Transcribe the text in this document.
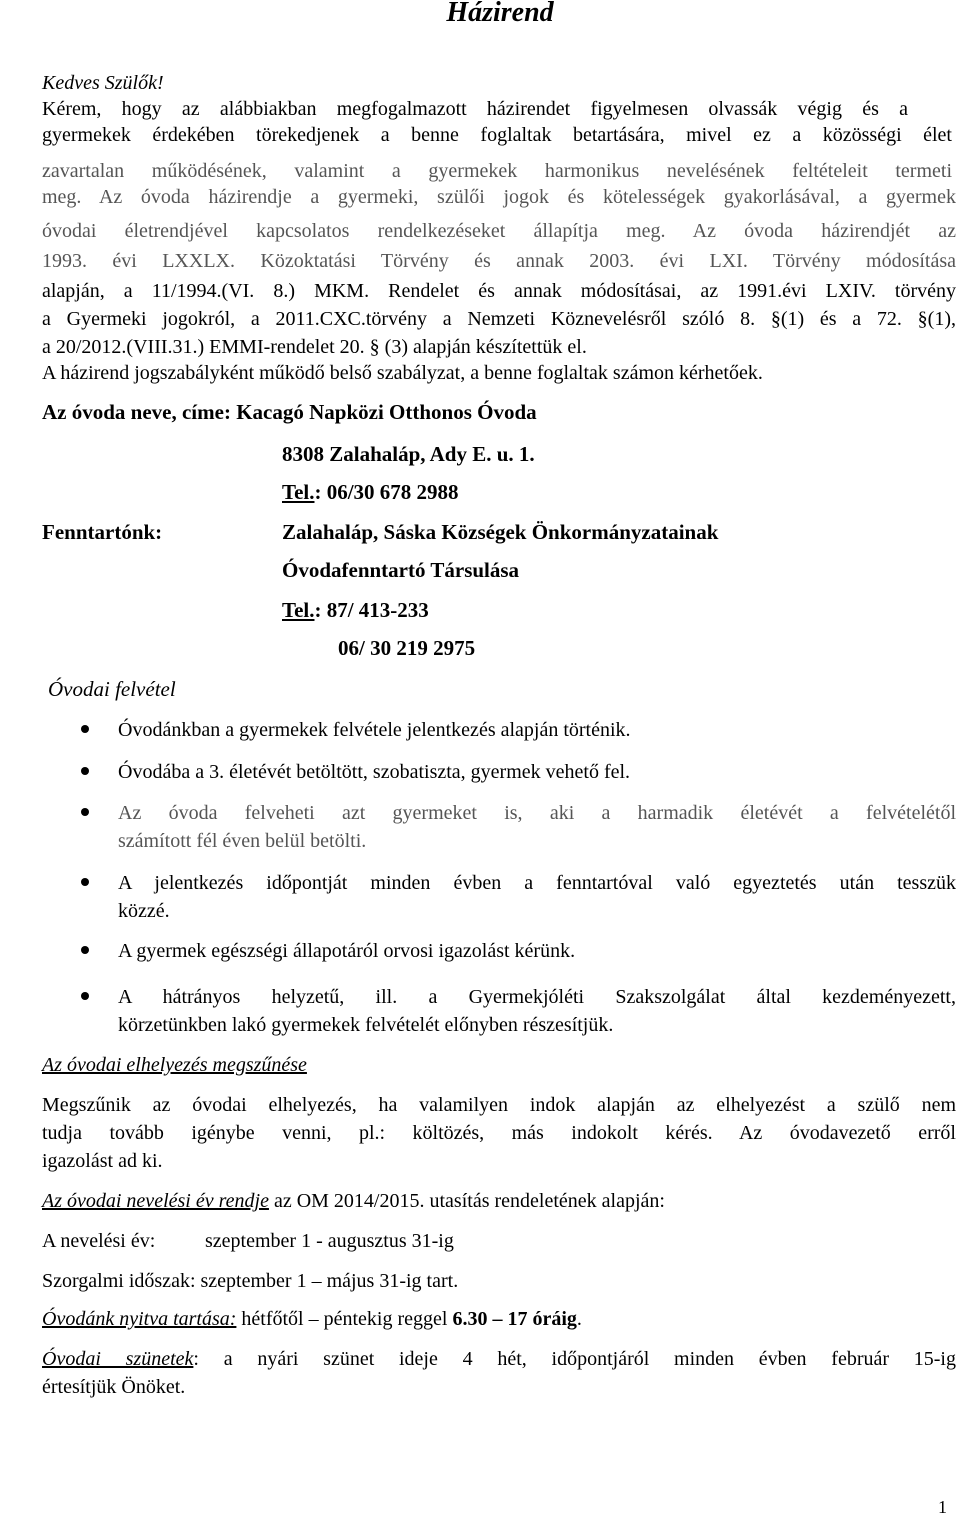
Házirend
Kedves Szülők!
Kérem, hogy az alábbiakban megfogalmazott házirendet figyelmesen olvassák végig és a
gyermekek érdekében törekedjenek a benne foglaltak betartására, mivel ez a közösségi élet
zavartalan működésének, valamint a gyermekek harmonikus nevelésének feltételeit termeti
meg. Az óvoda házirendje a gyermeki, szülői jogok és kötelességek gyakorlásával, a gyermek
óvodai életrendjével kapcsolatos rendelkezéseket állapítja meg. Az óvoda házirendjét az
1993. évi LXXLX. Közoktatási Törvény és annak 2003. évi LXI. Törvény módosítása
alapján, a 11/1994.(VI. 8.) MKM. Rendelet és annak módosításai, az 1991.évi LXIV. törvény
a Gyermeki jogokról, a 2011.CXC.törvény a Nemzeti Köznevelésről szóló 8. §(1) és a 72. §(1),
a 20/2012.(VIII.31.) EMMI-rendelet 20. § (3) alapján készítettük el.
A házirend jogszabályként működő belső szabályzat, a benne foglaltak számon kérhetőek.
Az óvoda neve, címe: Kacagó Napközi Otthonos Óvoda
8308 Zalahaláp, Ady E. u. 1.
Tel.: 06/30 678 2988
Fenntartónk:	Zalahaláp, Sáska Községek Önkormányzatainak
Óvodafenntartó Társulása
Tel.: 87/ 413-233
06/ 30 219 2975
Óvodai felvétel
Óvodánkban a gyermekek felvétele jelentkezés alapján történik.
Óvodába a 3. életévét betöltött, szobatiszta, gyermek vehető fel.
Az óvoda felveheti azt gyermeket is, aki a harmadik életévét a felvételétől
számított fél éven belül betölti.
A jelentkezés időpontját minden évben a fenntartóval való egyeztetés után tesszük
közzé.
A gyermek egészségi állapotáról orvosi igazolást kérünk.
A hátrányos helyzetű, ill. a Gyermekjóléti Szakszolgálat által kezdeményezett,
körzetünkben lakó gyermekek felvételét előnyben részesítjük.
Az óvodai elhelyezés megszűnése
Megszűnik az óvodai elhelyezés, ha valamilyen indok alapján az elhelyezést a szülő nem
tudja tovább igénybe venni, pl.: költözés, más indokolt kérés. Az óvodavezető erről
igazolást ad ki.
Az óvodai nevelési év rendje az OM 2014/2015. utasítás rendeletének alapján:
A nevelési év: szeptember 1 - augusztus 31-ig
Szorgalmi időszak: szeptember 1 – május 31-ig tart.
Óvodánk nyitva tartása: hétfőtől – péntekig reggel 6.30 – 17 óráig.
Óvodai szünetek: a nyári szünet ideje 4 hét, időpontjáról minden évben február 15-ig
értesítjük Önöket.
1
